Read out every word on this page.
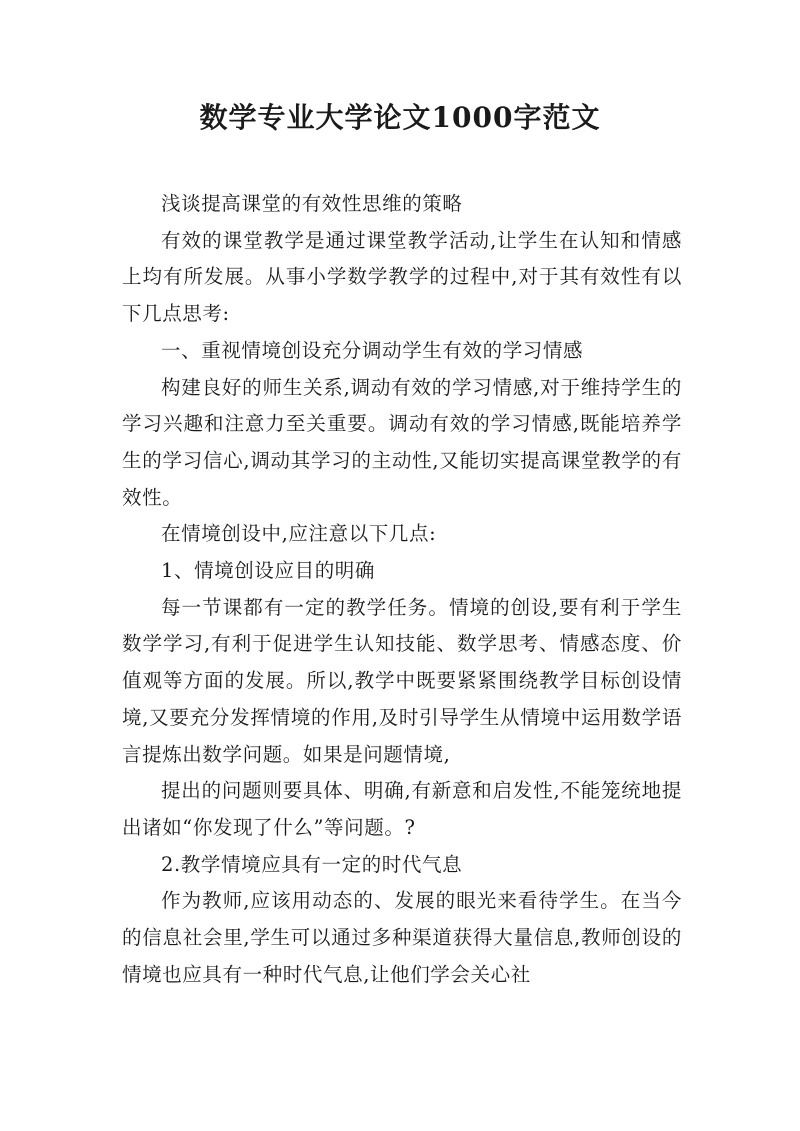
数学专业大学论文1000字范文

浅谈提高课堂的有效性思维的策略

有效的课堂教学是通过课堂教学活动,让学生在认知和情感上均有所发展。从事小学数学教学的过程中,对于其有效性有以下几点思考:

一、重视情境创设充分调动学生有效的学习情感

构建良好的师生关系,调动有效的学习情感,对于维持学生的学习兴趣和注意力至关重要。调动有效的学习情感,既能培养学生的学习信心,调动其学习的主动性,又能切实提高课堂教学的有效性。

在情境创设中,应注意以下几点:

1、情境创设应目的明确

每一节课都有一定的教学任务。情境的创设,要有利于学生数学学习,有利于促进学生认知技能、数学思考、情感态度、价值观等方面的发展。所以,教学中既要紧紧围绕教学目标创设情境,又要充分发挥情境的作用,及时引导学生从情境中运用数学语言提炼出数学问题。如果是问题情境,

提出的问题则要具体、明确,有新意和启发性,不能笼统地提出诸如“你发现了什么”等问题。?

2.教学情境应具有一定的时代气息

作为教师,应该用动态的、发展的眼光来看待学生。在当今的信息社会里,学生可以通过多种渠道获得大量信息,教师创设的情境也应具有一种时代气息,让他们学会关心社
